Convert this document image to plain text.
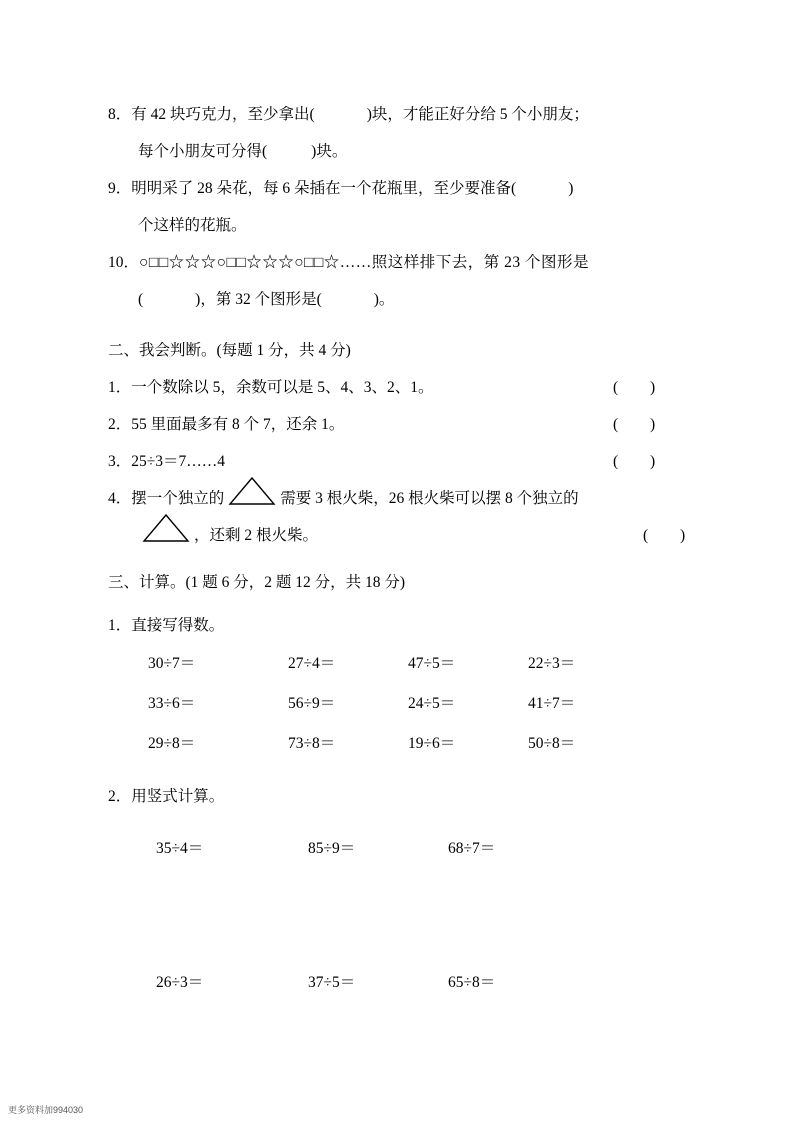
8．有 42 块巧克力，至少拿出(	)块，才能正好分给 5 个小朋友；
每个小朋友可分得(	)块。
9．明明采了 28 朵花，每 6 朵插在一个花瓶里，至少要准备(	)
个这样的花瓶。
10．○□□☆☆☆○□□☆☆☆○□□☆……照这样排下去，第 23 个图形是
(	)，第 32 个图形是(	)。
二、我会判断。(每题 1 分，共 4 分)
1．一个数除以 5，余数可以是 5、4、3、2、1。	( )
2．55 里面最多有 8 个 7，还余 1。	( )
3．25÷3＝7……4	( )
4．摆一个独立的	需要 3 根火柴，26 根火柴可以摆 8 个独立的
，还剩 2 根火柴。	( )
三、计算。(1 题 6 分，2 题 12 分，共 18 分)
1．直接写得数。
30÷7＝	27÷4＝	47÷5＝	22÷3＝
33÷6＝	56÷9＝	24÷5＝	41÷7＝
29÷8＝	73÷8＝	19÷6＝	50÷8＝
2．用竖式计算。
35÷4＝	85÷9＝	68÷7＝
26÷3＝	37÷5＝	65÷8＝
更多资料加994030
